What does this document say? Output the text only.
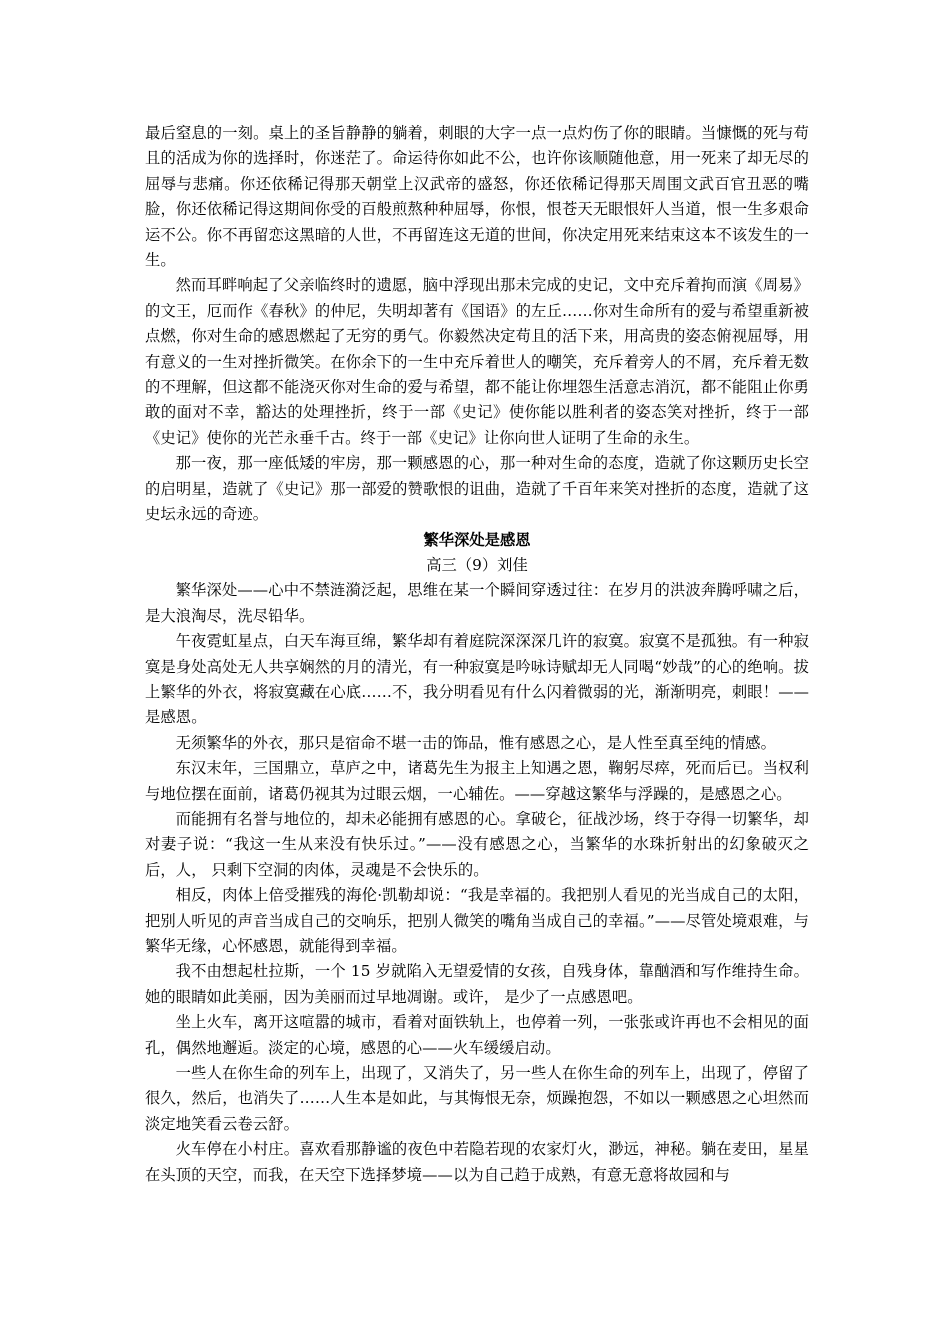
最后窒息的一刻。桌上的圣旨静静的躺着，刺眼的大字一点一点灼伤了你的眼睛。当慷慨的死与苟且的活成为你的选择时，你迷茫了。命运待你如此不公，也许你该顺随他意，用一死来了却无尽的屈辱与悲痛。你还依稀记得那天朝堂上汉武帝的盛怒，你还依稀记得那天周围文武百官丑恶的嘴脸，你还依稀记得这期间你受的百般煎熬种种屈辱，你恨，恨苍天无眼恨奸人当道，恨一生多艰命运不公。你不再留恋这黑暗的人世，不再留连这无道的世间，你决定用死来结束这本不该发生的一生。

然而耳畔响起了父亲临终时的遗愿，脑中浮现出那未完成的史记，文中充斥着拘而演《周易》的文王，厄而作《春秋》的仲尼，失明却著有《国语》的左丘……你对生命所有的爱与希望重新被点燃，你对生命的感恩燃起了无穷的勇气。你毅然决定苟且的活下来，用高贵的姿态俯视屈辱，用有意义的一生对挫折微笑。在你余下的一生中充斥着世人的嘲笑，充斥着旁人的不屑，充斥着无数的不理解，但这都不能浇灭你对生命的爱与希望，都不能让你埋怨生活意志消沉，都不能阻止你勇敢的面对不幸，豁达的处理挫折，终于一部《史记》使你能以胜利者的姿态笑对挫折，终于一部《史记》使你的光芒永垂千古。终于一部《史记》让你向世人证明了生命的永生。

那一夜，那一座低矮的牢房，那一颗感恩的心，那一种对生命的态度，造就了你这颗历史长空的启明星，造就了《史记》那一部爱的赞歌恨的诅曲，造就了千百年来笑对挫折的态度，造就了这史坛永远的奇迹。

繁华深处是感恩

高三（9）刘佳

繁华深处——心中不禁涟漪泛起，思维在某一个瞬间穿透过往：在岁月的洪波奔腾呼啸之后， 是大浪淘尽，洗尽铅华。

午夜霓虹星点，白天车海亘绵，繁华却有着庭院深深深几许的寂寞。寂寞不是孤独。有一种寂寞是身处高处无人共享娴然的月的清光，有一种寂寞是吟咏诗赋却无人同喝“妙哉”的心的绝响。拔上繁华的外衣，将寂寞藏在心底……不，我分明看见有什么闪着微弱的光，渐渐明亮，刺眼！——是感恩。

无须繁华的外衣，那只是宿命不堪一击的饰品，惟有感恩之心，是人性至真至纯的情感。

东汉末年，三国鼎立，草庐之中，诸葛先生为报主上知遇之恩，鞠躬尽瘁，死而后已。当权利与地位摆在面前，诸葛仍视其为过眼云烟，一心辅佐。——穿越这繁华与浮躁的，是感恩之心。

而能拥有名誉与地位的，却未必能拥有感恩的心。拿破仑，征战沙场，终于夺得一切繁华，却对妻子说：“我这一生从来没有快乐过。”——没有感恩之心，当繁华的水珠折射出的幻象破灭之后，人， 只剩下空洞的肉体，灵魂是不会快乐的。

相反，肉体上倍受摧残的海伦·凯勒却说：“我是幸福的。我把别人看见的光当成自己的太阳，把别人听见的声音当成自己的交响乐，把别人微笑的嘴角当成自己的幸福。”——尽管处境艰难，与繁华无缘，心怀感恩，就能得到幸福。

我不由想起杜拉斯，一个 15 岁就陷入无望爱情的女孩，自残身体，靠酗酒和写作维持生命。她的眼睛如此美丽，因为美丽而过早地凋谢。或许， 是少了一点感恩吧。

坐上火车，离开这喧嚣的城市，看着对面铁轨上，也停着一列，一张张或许再也不会相见的面孔，偶然地邂逅。淡定的心境，感恩的心——火车缓缓启动。

一些人在你生命的列车上，出现了，又消失了，另一些人在你生命的列车上，出现了，停留了很久，然后，也消失了……人生本是如此，与其悔恨无奈，烦躁抱怨，不如以一颗感恩之心坦然而淡定地笑看云卷云舒。

火车停在小村庄。喜欢看那静谧的夜色中若隐若现的农家灯火，渺远，神秘。躺在麦田，星星在头顶的天空，而我，在天空下选择梦境——以为自己趋于成熟，有意无意将故园和与
